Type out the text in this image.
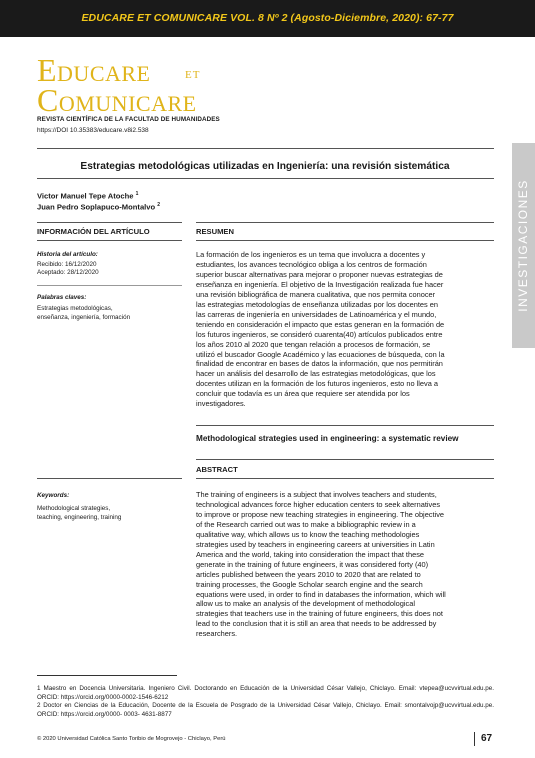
EDUCARE ET COMUNICARE VOL. 8 Nº 2 (Agosto-Diciembre, 2020): 67-77
EDUCARE	ET
COMUNICARE
REVISTA CIENTÍFICA DE LA FACULTAD DE HUMANIDADES
https://DOI 10.35383/educare.v8i2.538
Estrategias metodológicas utilizadas en Ingeniería: una revisión sistemática
Victor Manuel Tepe Atoche $^1$
Juan Pedro Soplapuco-Montalvo $^2$	INVESTIGACIONES
INFORMACIÓN DEL ARTÍCULO	RESUMEN
Historia del artículo:
Recibido: 16/12/2020
Aceptado: 28/12/2020
Palabras claves:
Estrategias metodológicas,
enseñanza, ingeniería, formación
La formación de los ingenieros es un tema que involucra a docentes y
estudiantes, los avances tecnológico obliga a los centros de formación
superior buscar alternativas para mejorar o proponer nuevas estrategias de
enseñanza en ingeniería. El objetivo de la Investigación realizada fue hacer
una revisión bibliográfica de manera cualitativa, que nos permita conocer
las estrategias metodologías de enseñanza utilizadas por los docentes en
las carreras de ingeniería en universidades de Latinoamérica y el mundo,
teniendo en consideración el impacto que estas generan en la formación de
los futuros ingenieros, se consideró cuarenta(40) artículos publicados entre
los años 2010 al 2020 que tengan relación a procesos de formación, se
utilizó el buscador Google Académico y las ecuaciones de búsqueda, con la
finalidad de encontrar en bases de datos la información, que nos permitirán
hacer un análisis del desarrollo de las estrategias metodológicas, que los
docentes utilizan en la formación de los futuros ingenieros, esto no lleva a
concluir que todavía es un área que requiere ser atendida por los
investigadores.
Methodological strategies used in engineering: a systematic review
ABSTRACT
Keywords:
Methodological strategies,
teaching, engineering, training
The training of engineers is a subject that involves teachers and students,
technological advances force higher education centers to seek alternatives
to improve or propose new teaching strategies in engineering. The objective
of the Research carried out was to make a bibliographic review in a
qualitative way, which allows us to know the teaching methodologies
strategies used by teachers in engineering careers at universities in Latin
America and the world, taking into consideration the impact that these
generate in the training of future engineers, it was considered forty (40)
articles published between the years 2010 to 2020 that are related to
training processes, the Google Scholar search engine and the search
equations were used, in order to find in databases the information, which will
allow us to make an analysis of the development of methodological
strategies that teachers use in the training of future engineers, this does not
lead to the conclusion that it is still an area that needs to be addressed by
researchers.
1 Maestro en Docencia Universitaria. Ingeniero Civil. Doctorando en Educación de la Universidad César Vallejo, Chiclayo. Email: vtepea@ucvvirtual.edu.pe. ORCID: https://orcid.org/0000-0002-1546-6212
2 Doctor en Ciencias de la Educación, Docente de la Escuela de Posgrado de la Universidad César Vallejo, Chiclayo. Email: smontalvojp@ucvvirtual.edu.pe. ORCID: https://orcid.org/0000- 0003- 4631-8877
© 2020 Universidad Católica Santo Toribio de Mogrovejo - Chiclayo, Perú	67
